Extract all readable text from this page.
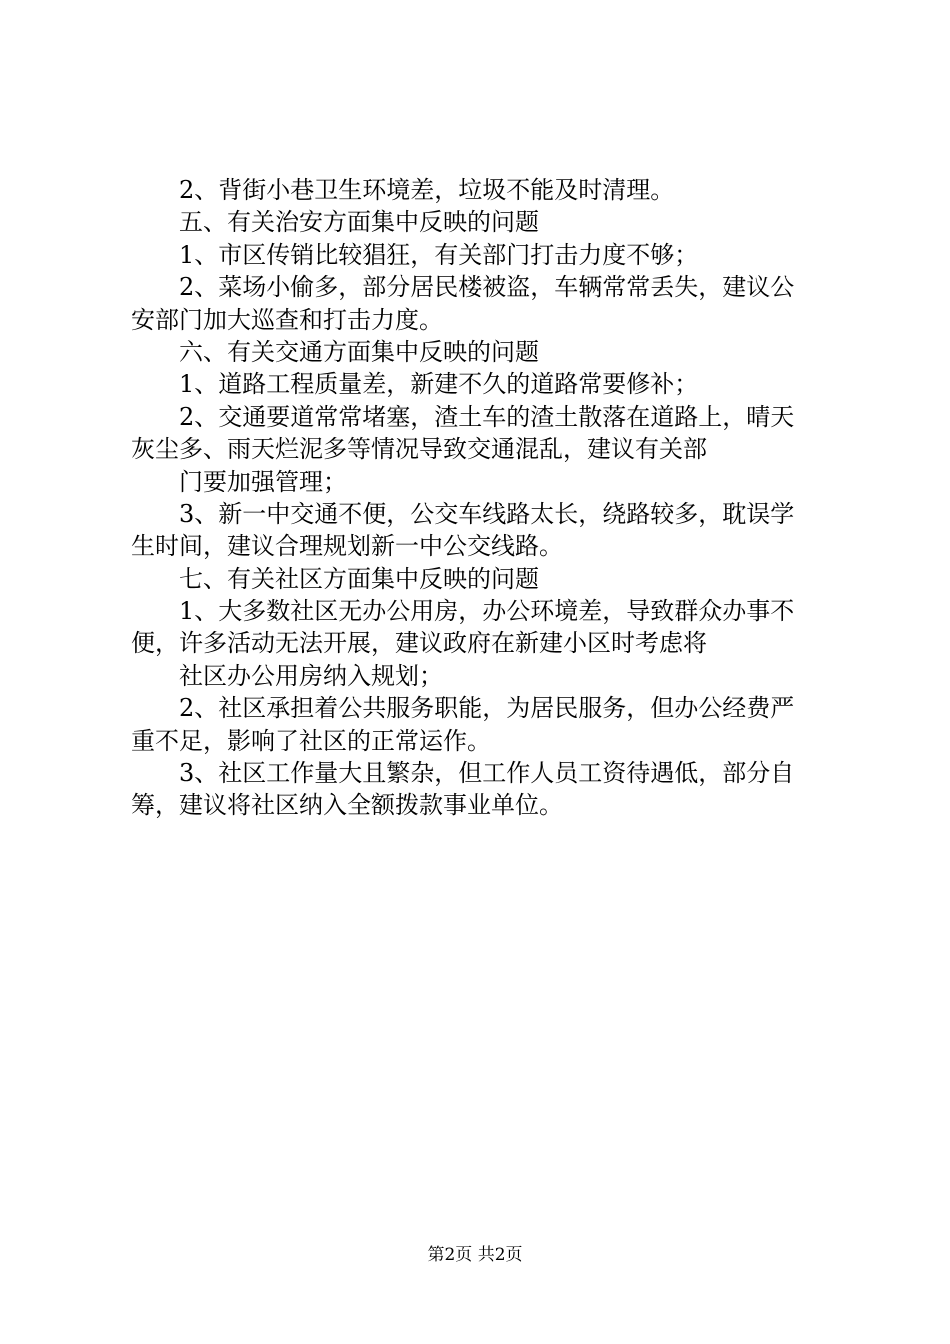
2、背街小巷卫生环境差，垃圾不能及时清理。
五、有关治安方面集中反映的问题
1、市区传销比较猖狂，有关部门打击力度不够；
2、菜场小偷多，部分居民楼被盗，车辆常常丢失，建议公
安部门加大巡查和打击力度。
六、有关交通方面集中反映的问题
1、道路工程质量差，新建不久的道路常要修补；
2、交通要道常常堵塞，渣土车的渣土散落在道路上，晴天
灰尘多、雨天烂泥多等情况导致交通混乱，建议有关部
门要加强管理；
3、新一中交通不便，公交车线路太长，绕路较多，耽误学
生时间，建议合理规划新一中公交线路。
七、有关社区方面集中反映的问题
1、大多数社区无办公用房，办公环境差，导致群众办事不
便，许多活动无法开展，建议政府在新建小区时考虑将
社区办公用房纳入规划；
2、社区承担着公共服务职能，为居民服务，但办公经费严
重不足，影响了社区的正常运作。
3、社区工作量大且繁杂，但工作人员工资待遇低，部分自
筹，建议将社区纳入全额拨款事业单位。
第2页 共2页
